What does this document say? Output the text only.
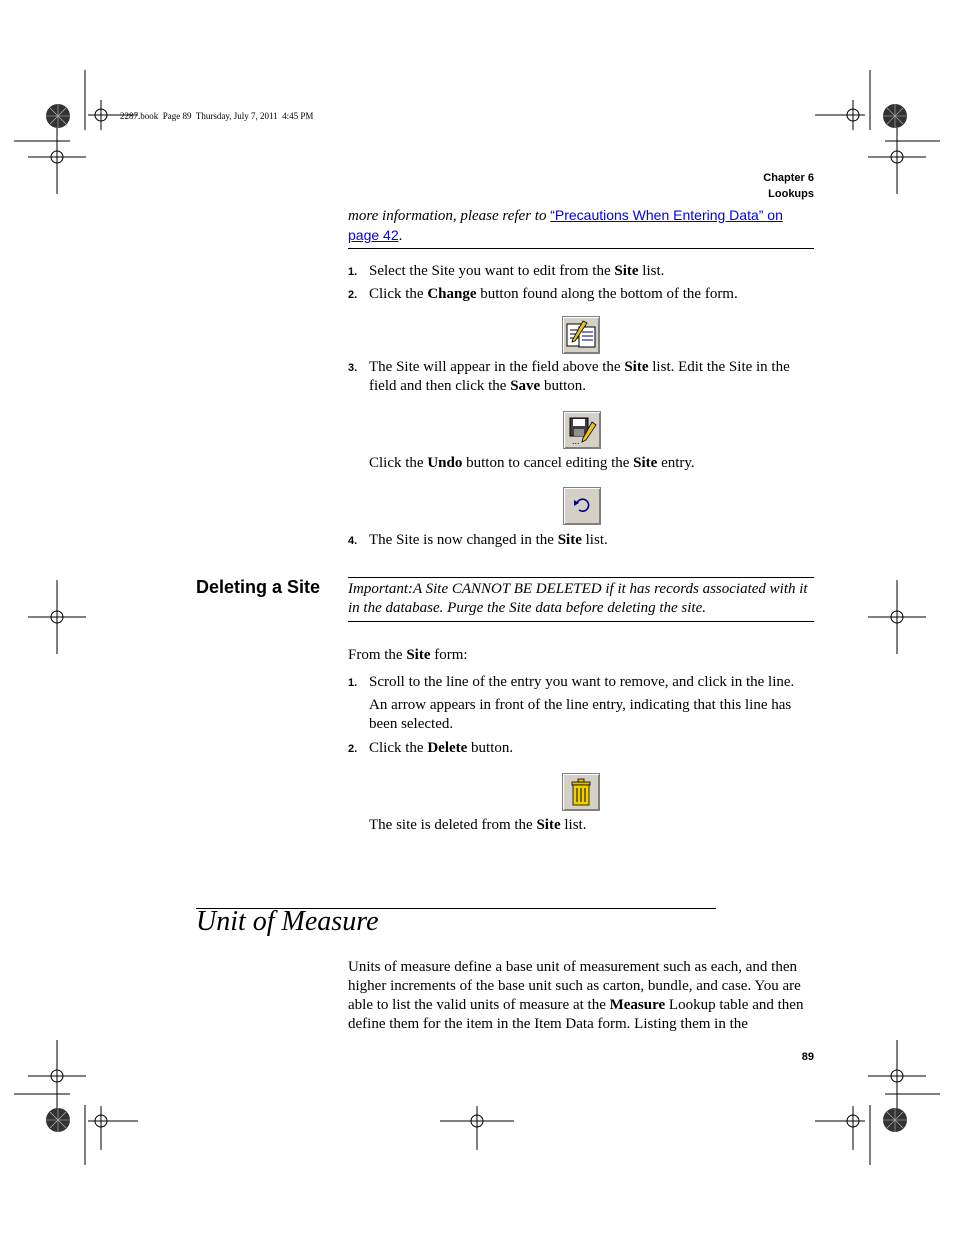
2287.book  Page 89  Thursday, July 7, 2011  4:45 PM
Chapter 6
Lookups
more information, please refer to “Precautions When Entering Data” on
page 42.
1. Select the Site you want to edit from the Site list.
2. Click the Change button found along the bottom of the form.
3. The Site will appear in the field above the Site list. Edit the Site in the field and then click the Save button.
...
Click the Undo button to cancel editing the Site entry.
4. The Site is now changed in the Site list.
Deleting a Site Important:A Site CANNOT BE DELETED if it has records associated with it in the database. Purge the Site data before deleting the site.
From the Site form:
1. Scroll to the line of the entry you want to remove, and click in the line.
An arrow appears in front of the line entry, indicating that this line has been selected.
2. Click the Delete button.
The site is deleted from the Site list.
Unit of Measure
Units of measure define a base unit of measurement such as each, and then higher increments of the base unit such as carton, bundle, and case. You are able to list the valid units of measure at the Measure Lookup table and then define them for the item in the Item Data form. Listing them in the
89
